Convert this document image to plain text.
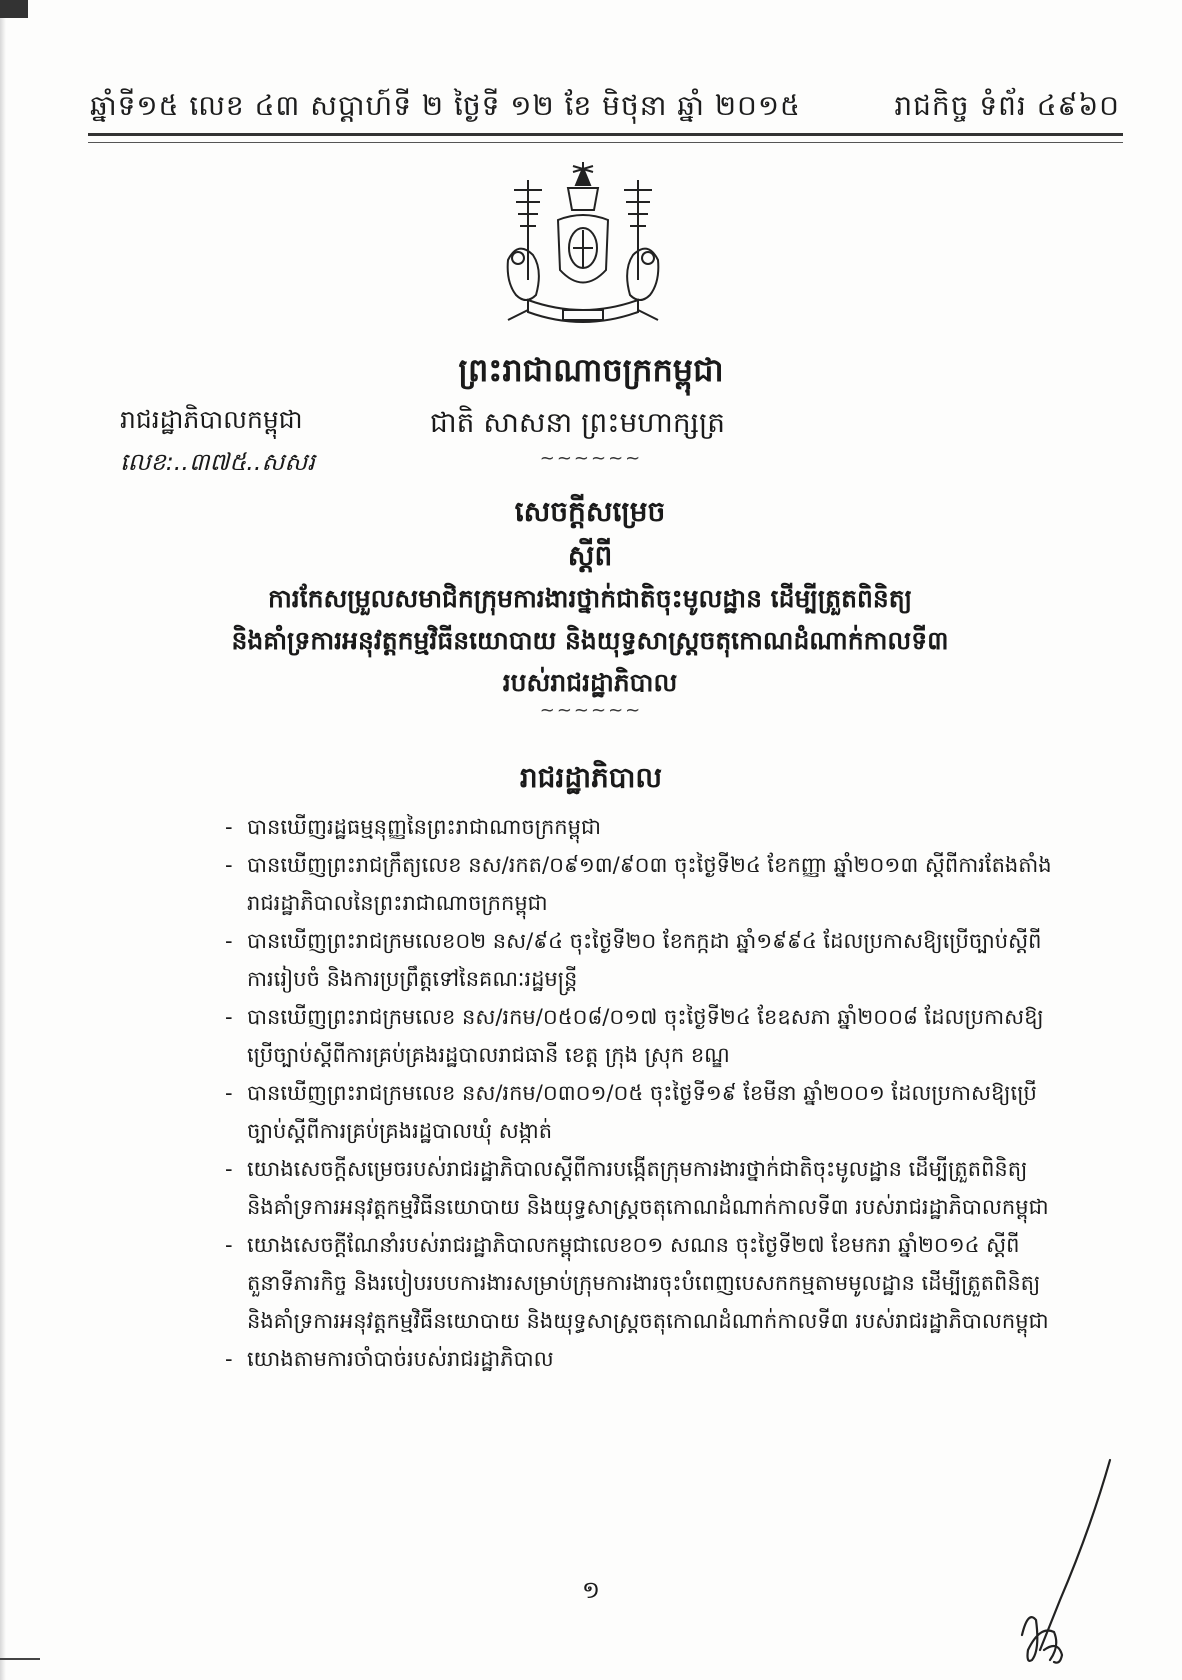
ឆ្នាំទី១៥ លេខ ៤៣ សប្តាហ៍ទី ២ ថ្ងៃទី ១២ ខែ មិថុនា ឆ្នាំ ២០១៥	រាជកិច្ច ទំព័រ ៤៩៦០
ព្រះរាជាណាចក្រកម្ពុជា
រាជរដ្ឋាភិបាលកម្ពុជា	ជាតិ សាសនា ព្រះមហាក្សត្រ
លេខ:..៣៧៥..សសរ	~~~~~~
សេចក្តីសម្រេច
ស្តីពី
ការកែសម្រួលសមាជិកក្រុមការងារថ្នាក់ជាតិចុះមូលដ្ឋាន ដើម្បីត្រួតពិនិត្យ
និងគាំទ្រការអនុវត្តកម្មវិធីនយោបាយ និងយុទ្ធសាស្ត្រចតុកោណដំណាក់កាលទី៣
របស់រាជរដ្ឋាភិបាល
~~~~~~
រាជរដ្ឋាភិបាល
- បានឃើញរដ្ឋធម្មនុញ្ញនៃព្រះរាជាណាចក្រកម្ពុជា
- បានឃើញព្រះរាជក្រឹត្យលេខ នស/រកត/០៩១៣/៩០៣ ចុះថ្ងៃទី២៤ ខែកញ្ញា ឆ្នាំ២០១៣ ស្តីពីការតែងតាំងរាជរដ្ឋាភិបាលនៃព្រះរាជាណាចក្រកម្ពុជា
- បានឃើញព្រះរាជក្រមលេខ០២ នស/៩៤ ចុះថ្ងៃទី២០ ខែកក្កដា ឆ្នាំ១៩៩៤ ដែលប្រកាសឱ្យប្រើច្បាប់ស្តីពីការរៀបចំ និងការប្រព្រឹត្តទៅនៃគណៈរដ្ឋមន្ត្រី
- បានឃើញព្រះរាជក្រមលេខ នស/រកម/០៥០៨/០១៧ ចុះថ្ងៃទី២៤ ខែឧសភា ឆ្នាំ២០០៨ ដែលប្រកាសឱ្យប្រើច្បាប់ស្តីពីការគ្រប់គ្រងរដ្ឋបាលរាជធានី ខេត្ត ក្រុង ស្រុក ខណ្ឌ
- បានឃើញព្រះរាជក្រមលេខ នស/រកម/០៣០១/០៥ ចុះថ្ងៃទី១៩ ខែមីនា ឆ្នាំ២០០១ ដែលប្រកាសឱ្យប្រើច្បាប់ស្តីពីការគ្រប់គ្រងរដ្ឋបាលឃុំ សង្កាត់
- យោងសេចក្តីសម្រេចរបស់រាជរដ្ឋាភិបាលស្តីពីការបង្កើតក្រុមការងារថ្នាក់ជាតិចុះមូលដ្ឋាន ដើម្បីត្រួតពិនិត្យ និងគាំទ្រការអនុវត្តកម្មវិធីនយោបាយ និងយុទ្ធសាស្ត្រចតុកោណដំណាក់កាលទី៣ របស់រាជរដ្ឋាភិបាលកម្ពុជា
- យោងសេចក្តីណែនាំរបស់រាជរដ្ឋាភិបាលកម្ពុជាលេខ០១ សណន ចុះថ្ងៃទី២៧ ខែមករា ឆ្នាំ២០១៤ ស្តីពីតួនាទីភារកិច្ច និងរបៀបរបបការងារសម្រាប់ក្រុមការងារចុះបំពេញបេសកកម្មតាមមូលដ្ឋាន ដើម្បីត្រួតពិនិត្យ និងគាំទ្រការអនុវត្តកម្មវិធីនយោបាយ និងយុទ្ធសាស្ត្រចតុកោណដំណាក់កាលទី៣ របស់រាជរដ្ឋាភិបាលកម្ពុជា
- យោងតាមការចាំបាច់របស់រាជរដ្ឋាភិបាល
១
